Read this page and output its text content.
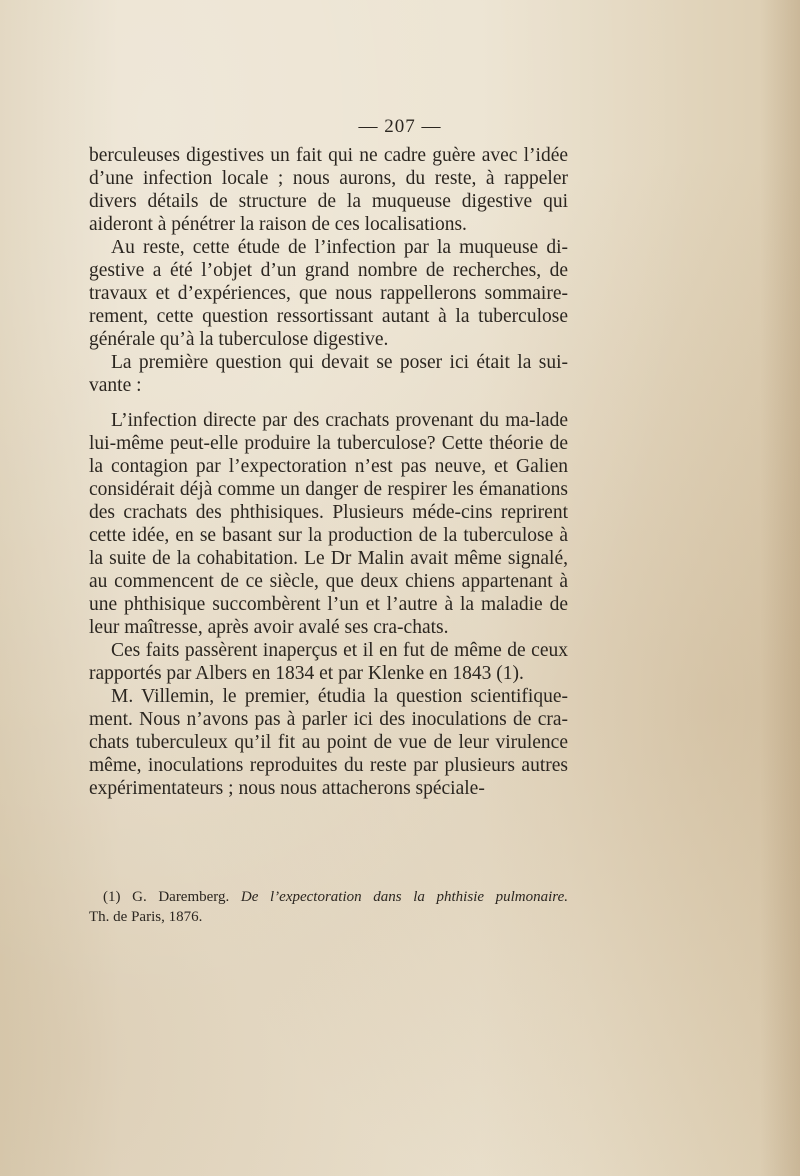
— 207 —

berculeuses digestives un fait qui ne cadre guère avec l’idée d’une infection locale ; nous aurons, du reste, à rappeler divers détails de structure de la muqueuse digestive qui aideront à pénétrer la raison de ces localisations.

Au reste, cette étude de l’infection par la muqueuse di-gestive a été l’objet d’un grand nombre de recherches, de travaux et d’expériences, que nous rappellerons sommaire-rement, cette question ressortissant autant à la tuberculose générale qu’à la tuberculose digestive.

La première question qui devait se poser ici était la sui-vante :

L’infection directe par des crachats provenant du ma-lade lui-même peut-elle produire la tuberculose? Cette théorie de la contagion par l’expectoration n’est pas neuve, et Galien considérait déjà comme un danger de respirer les émanations des crachats des phthisiques. Plusieurs méde-cins reprirent cette idée, en se basant sur la production de la tuberculose à la suite de la cohabitation. Le Dr Malin avait même signalé, au commencent de ce siècle, que deux chiens appartenant à une phthisique succombèrent l’un et l’autre à la maladie de leur maîtresse, après avoir avalé ses cra-chats.

Ces faits passèrent inaperçus et il en fut de même de ceux rapportés par Albers en 1834 et par Klenke en 1843 (1).

M. Villemin, le premier, étudia la question scientifique-ment. Nous n’avons pas à parler ici des inoculations de cra-chats tuberculeux qu’il fit au point de vue de leur virulence même, inoculations reproduites du reste par plusieurs autres expérimentateurs ; nous nous attacherons spéciale-

(1) G. Daremberg. De l’expectoration dans la phthisie pulmonaire.

Th. de Paris, 1876.
